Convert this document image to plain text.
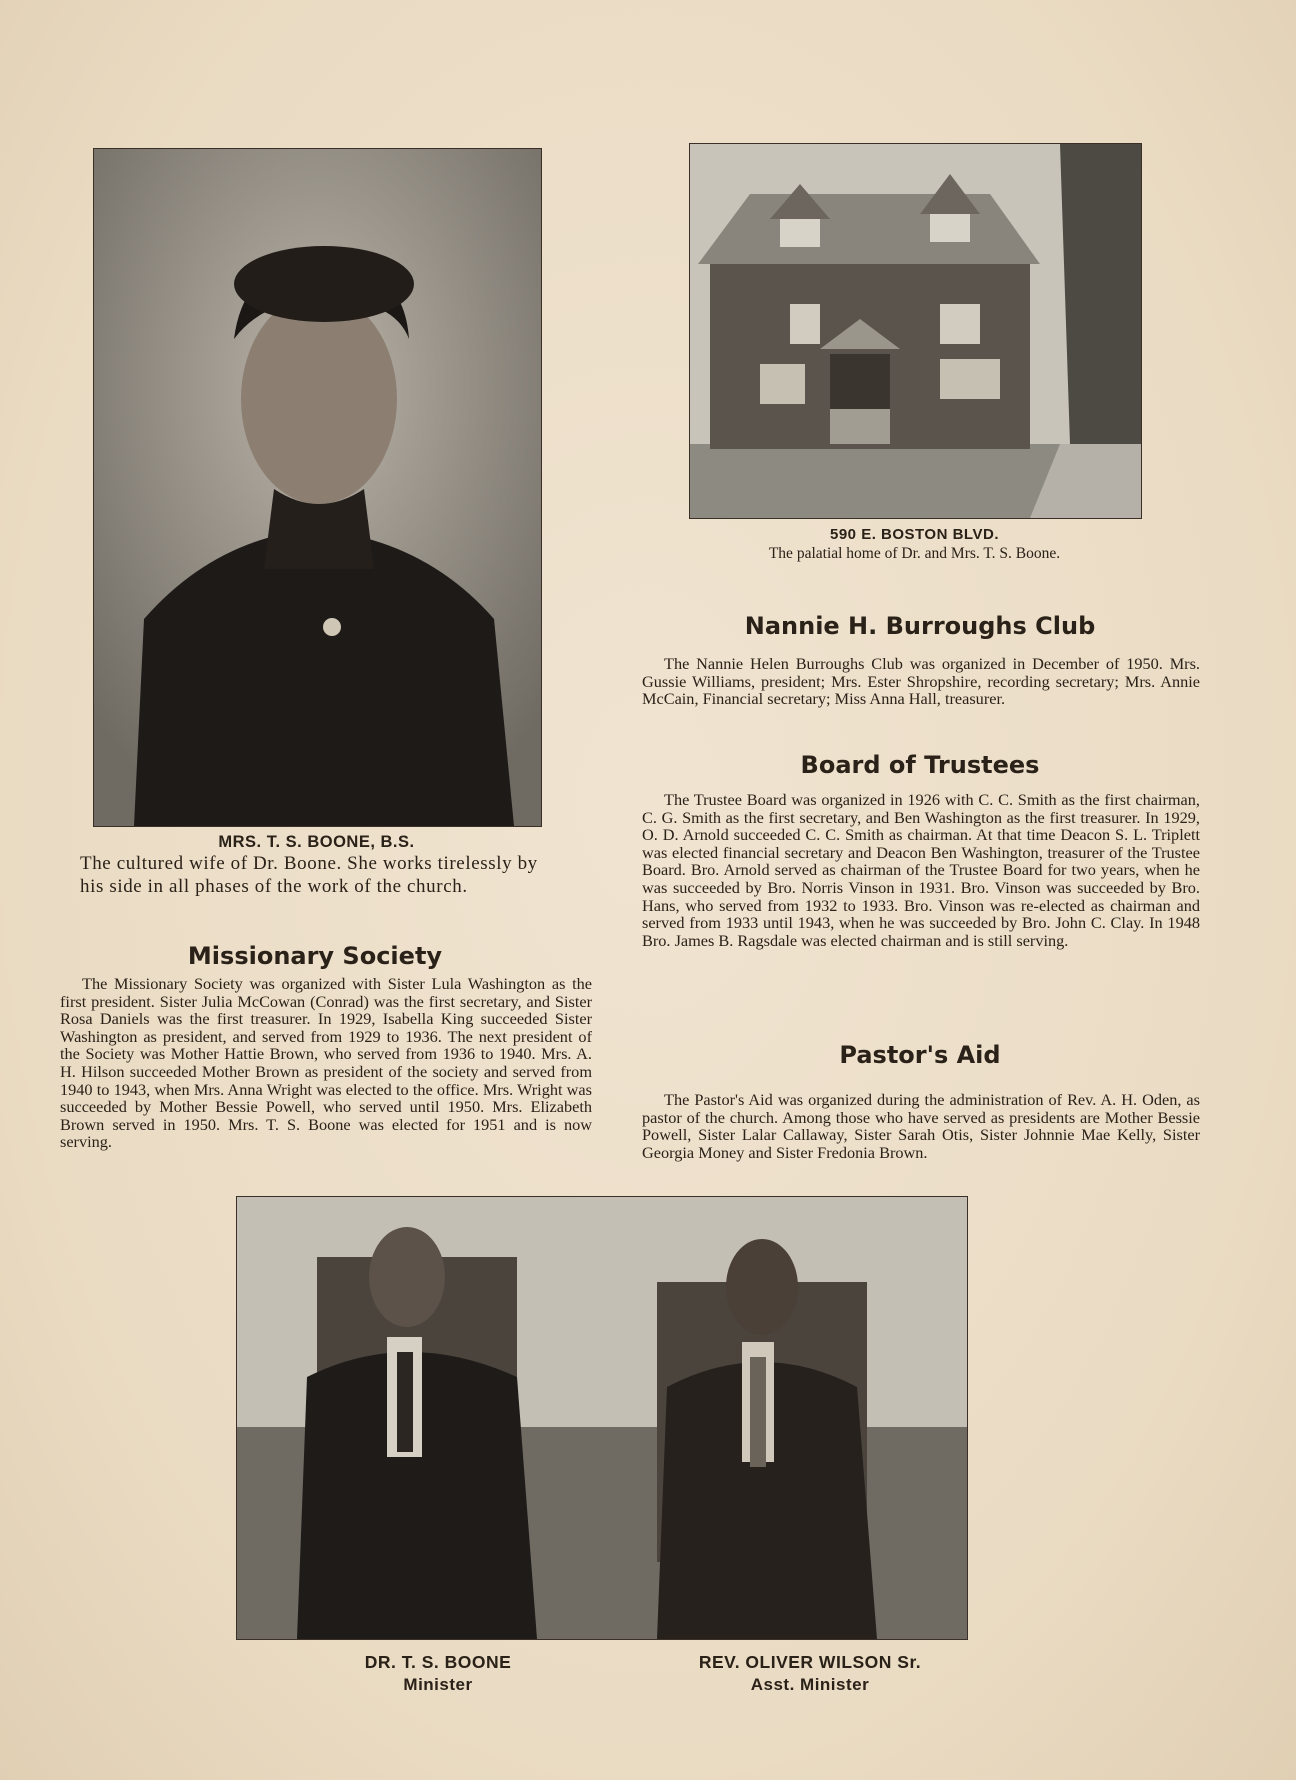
MRS. T. S. BOONE, B.S.
The cultured wife of Dr. Boone. She works tirelessly by his side in all phases of the work of the church.
590 E. BOSTON BLVD.
The palatial home of Dr. and Mrs. T. S. Boone.
Nannie H. Burroughs Club

The Nannie Helen Burroughs Club was organized in December of 1950. Mrs. Gussie Williams, president; Mrs. Ester Shropshire, recording secretary; Mrs. Annie McCain, Financial secretary; Miss Anna Hall, treasurer.

Board of Trustees

The Trustee Board was organized in 1926 with C. C. Smith as the first chairman, C. G. Smith as the first secretary, and Ben Washington as the first treasurer. In 1929, O. D. Arnold succeeded C. C. Smith as chairman. At that time Deacon S. L. Triplett was elected financial secretary and Deacon Ben Washington, treasurer of the Trustee Board. Bro. Arnold served as chairman of the Trustee Board for two years, when he was succeeded by Bro. Norris Vinson in 1931. Bro. Vinson was succeeded by Bro. Hans, who served from 1932 to 1933. Bro. Vinson was re-elected as chairman and served from 1933 until 1943, when he was succeeded by Bro. John C. Clay. In 1948 Bro. James B. Ragsdale was elected chairman and is still serving.

Pastor's Aid

The Pastor's Aid was organized during the administration of Rev. A. H. Oden, as pastor of the church. Among those who have served as presidents are Mother Bessie Powell, Sister Lalar Callaway, Sister Sarah Otis, Sister Johnnie Mae Kelly, Sister Georgia Money and Sister Fredonia Brown.

Missionary Society

The Missionary Society was organized with Sister Lula Washington as the first president. Sister Julia McCowan (Conrad) was the first secretary, and Sister Rosa Daniels was the first treasurer. In 1929, Isabella King succeeded Sister Washington as president, and served from 1929 to 1936. The next president of the Society was Mother Hattie Brown, who served from 1936 to 1940. Mrs. A. H. Hilson succeeded Mother Brown as president of the society and served from 1940 to 1943, when Mrs. Anna Wright was elected to the office. Mrs. Wright was succeeded by Mother Bessie Powell, who served until 1950. Mrs. Elizabeth Brown served in 1950. Mrs. T. S. Boone was elected for 1951 and is now serving.

DR. T. S. BOONE
Minister
REV. OLIVER WILSON Sr.
Asst. Minister
